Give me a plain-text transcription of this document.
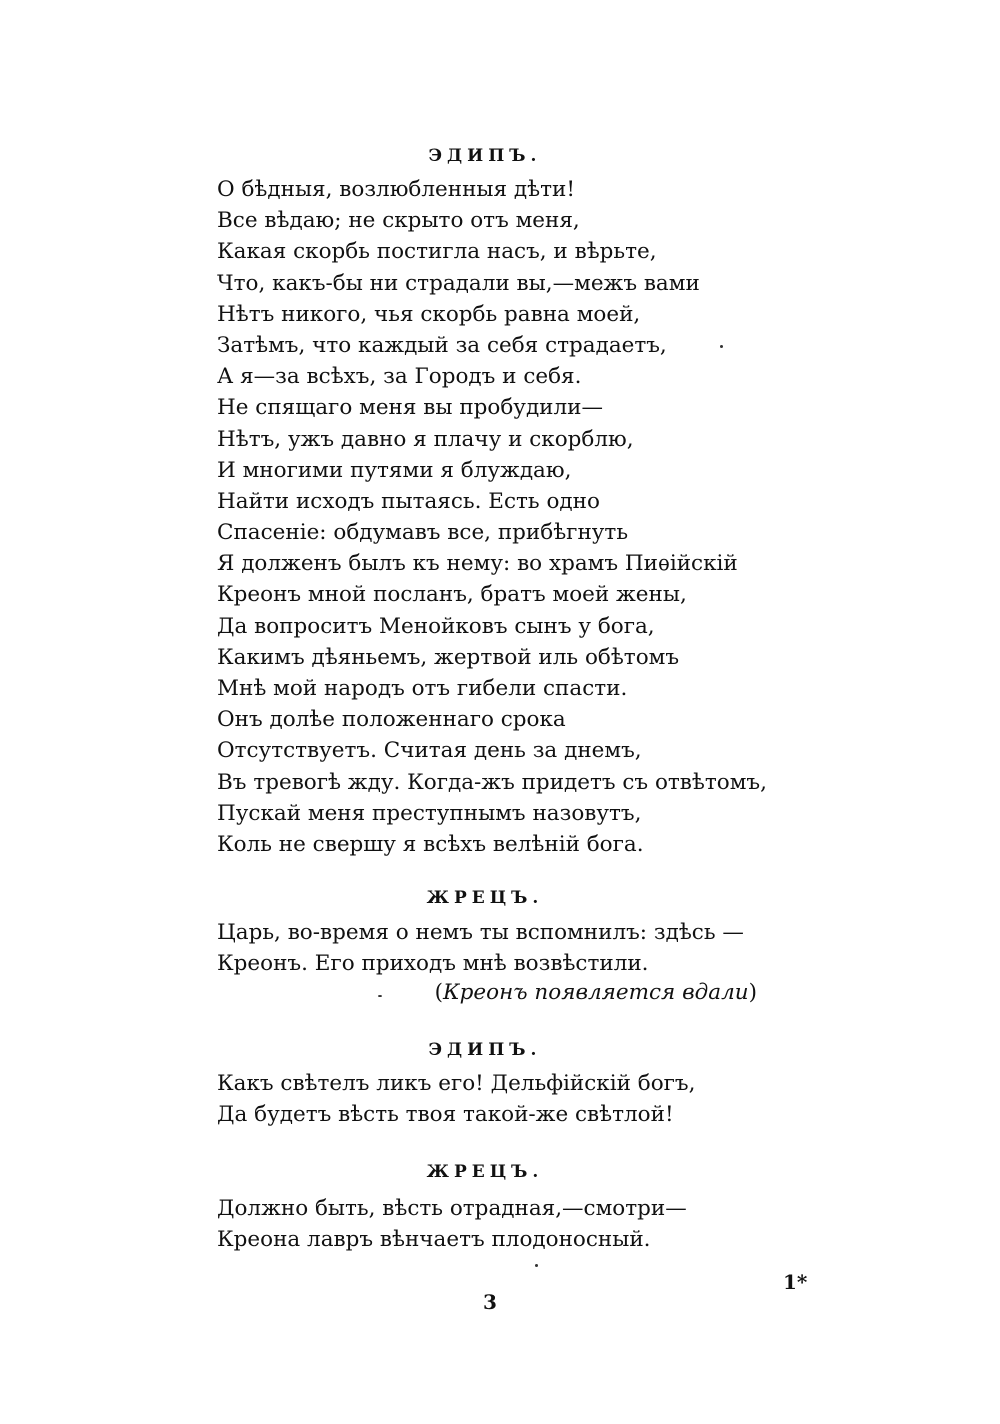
ЭДИПЪ.
О бѣдныя, возлюбленныя дѣти!
Все вѣдаю; не скрыто отъ меня,
Какая скорбь постигла насъ, и вѣрьте,
Что, какъ-бы ни страдали вы,—межъ вами
Нѣтъ никого, чья скорбь равна моей,
Затѣмъ, что каждый за себя страдаетъ,
А я—за всѣхъ, за Городъ и себя.
Не спящаго меня вы пробудили—
Нѣтъ, ужъ давно я плачу и скорблю,
И многими путями я блуждаю,
Найти исходъ пытаясь. Есть одно
Спасеніе: обдумавъ все, прибѣгнуть
Я долженъ былъ къ нему: во храмъ Пиѳійскій
Креонъ мной посланъ, братъ моей жены,
Да вопроситъ Менойковъ сынъ у бога,
Какимъ дѣяньемъ, жертвой иль обѣтомъ
Мнѣ мой народъ отъ гибели спасти.
Онъ долѣе положеннаго срока
Отсутствуетъ. Считая день за днемъ,
Въ тревогѣ жду. Когда-жъ придетъ съ отвѣтомъ,
Пускай меня преступнымъ назовутъ,
Коль не свершу я всѣхъ велѣній бога.
ЖРЕЦЪ.
Царь, во-время о немъ ты вспомнилъ: здѣсь —
Креонъ. Его приходъ мнѣ возвѣстили.
(Креонъ появляется вдали)
ЭДИПЪ.
Какъ свѣтелъ ликъ его! Дельфійскій богъ,
Да будетъ вѣсть твоя такой-же свѣтлой!
ЖРЕЦЪ.
Должно быть, вѣсть отрадная,—смотри—
Креона лавръ вѣнчаетъ плодоносный.
1*
3
